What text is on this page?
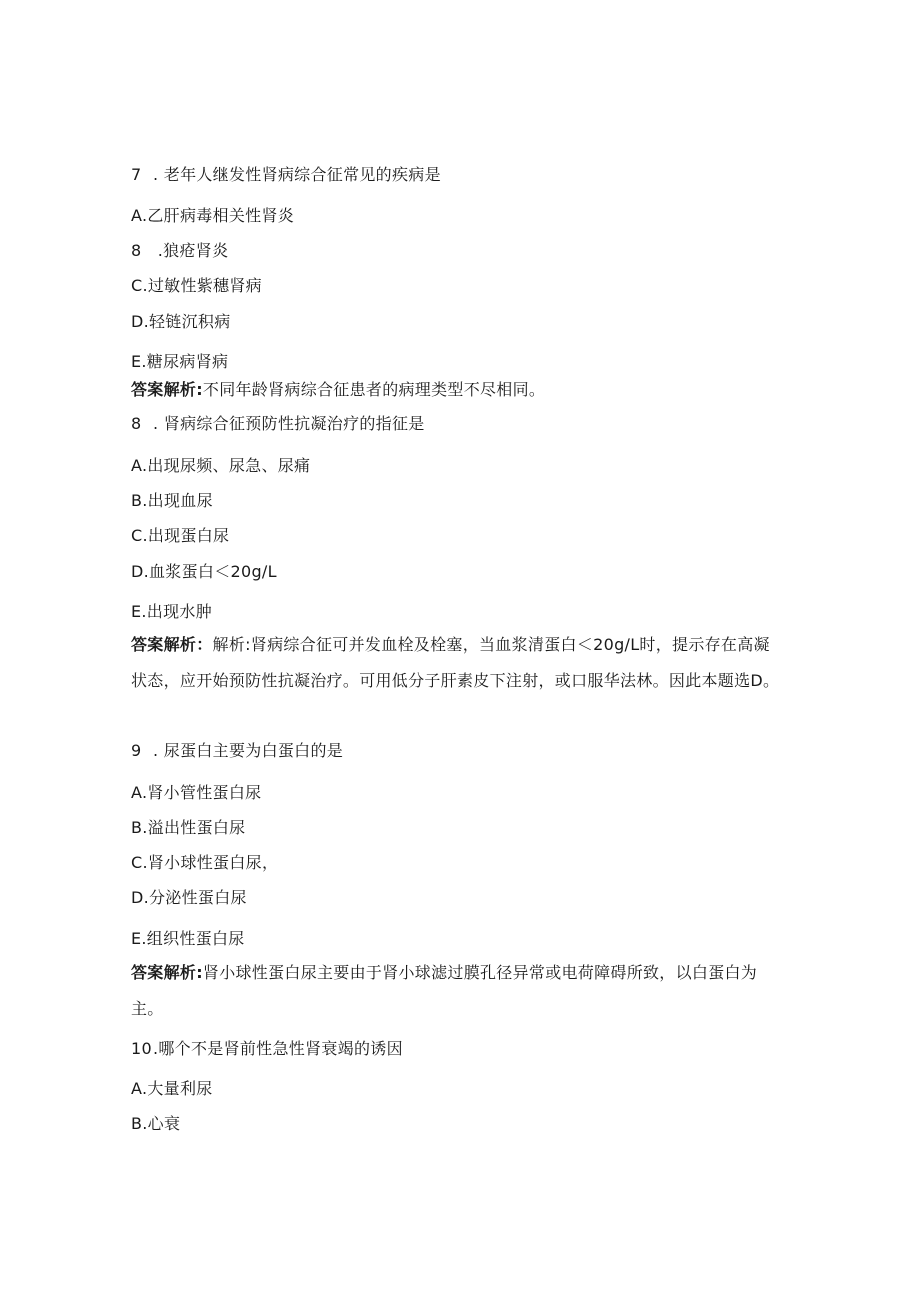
7 . 老年人继发性肾病综合征常见的疾病是
A.乙肝病毒相关性肾炎
8　.狼疮肾炎
C.过敏性紫穗肾病
D.轻链沉积病
E.糖尿病肾病
答案解析:不同年龄肾病综合征患者的病理类型不尽相同。
8 . 肾病综合征预防性抗凝治疗的指征是
A.出现尿频、尿急、尿痛
B.出现血尿
C.出现蛋白尿
D.血浆蛋白＜20g∕L
E.出现水肿
答案解析：解析:肾病综合征可并发血栓及栓塞，当血浆清蛋白＜20g∕L时，提示存在高凝状态，应开始预防性抗凝治疗。可用低分子肝素皮下注射，或口服华法林。因此本题选D。
9 . 尿蛋白主要为白蛋白的是
A.肾小管性蛋白尿
B.溢出性蛋白尿
C.肾小球性蛋白尿，
D.分泌性蛋白尿
E.组织性蛋白尿
答案解析:肾小球性蛋白尿主要由于肾小球滤过膜孔径异常或电荷障碍所致，以白蛋白为主。
10.哪个不是肾前性急性肾衰竭的诱因
A.大量利尿
B.心衰
